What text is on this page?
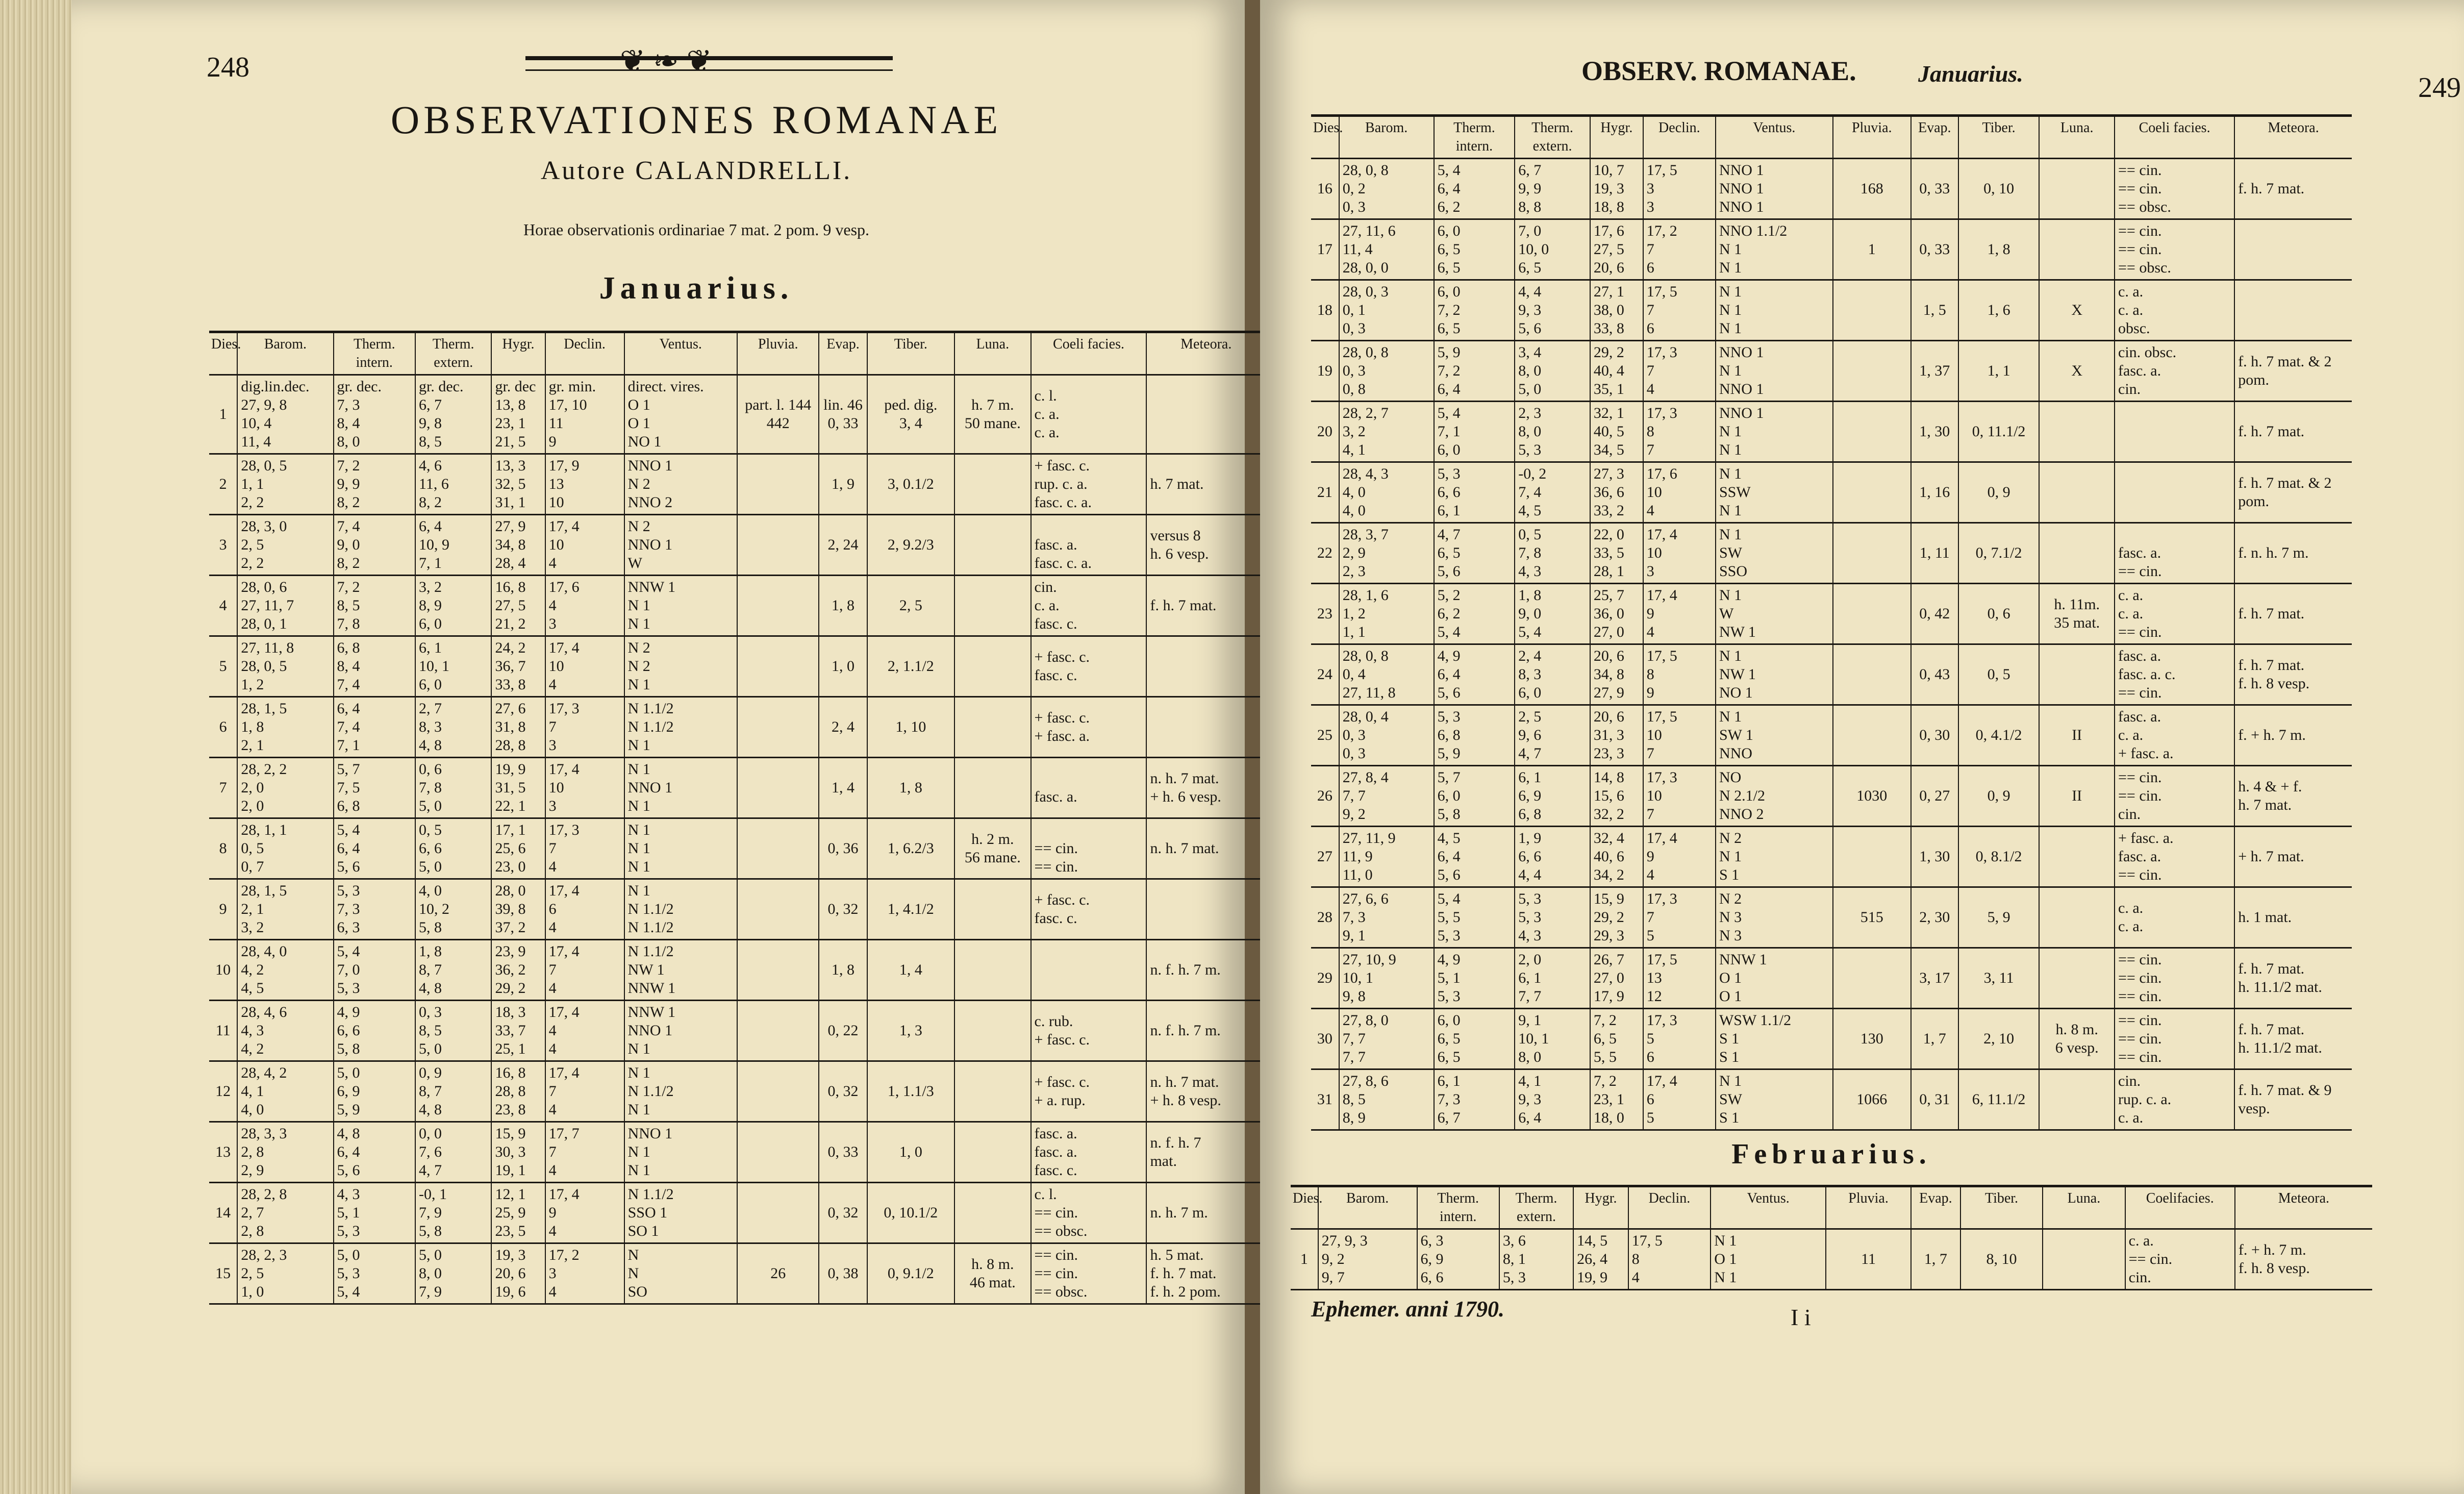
248	❦ ❧ ❦
OBSERVATIONES ROMANAE
Autore CALANDRELLI.
Horae observationis ordinariae 7 mat. 2 pom. 9 vesp.
Januarius.
Dies.	Barom.	Therm. intern.	Therm. extern.	Hygr.	Declin.	Ventus.	Pluvia.	Evap.	Tiber.	Luna.	Coeli facies.	Meteora.
1	dig.lin.dec.
27, 9, 8
10, 4
11, 4	gr. dec.
7, 3
8, 4
8, 0	gr. dec.
6, 7
9, 8
8, 5	gr. dec
13, 8
23, 1
21, 5	gr. min.
17, 10
11
9	direct. vires.
O 1
O 1
NO 1	part. l. 144
442	lin. 46
0, 33	ped. dig.
3, 4	h. 7 m.
50 mane.	c. l.
c. a.
c. a.	
2	28, 0, 5
1, 1
2, 2	7, 2
9, 9
8, 2	4, 6
11, 6
8, 2	13, 3
32, 5
31, 1	17, 9
13
10	NNO 1
N 2
NNO 2		1, 9	3, 0.1/2		+ fasc. c.
rup. c. a.
fasc. c. a.	h. 7 mat.
3	28, 3, 0
2, 5
2, 2	7, 4
9, 0
8, 2	6, 4
10, 9
7, 1	27, 9
34, 8
28, 4	17, 4
10
4	N 2
NNO 1
W		2, 24	2, 9.2/3		
fasc. a.
fasc. c. a.	versus 8
h. 6 vesp.
4	28, 0, 6
27, 11, 7
28, 0, 1	7, 2
8, 5
7, 8	3, 2
8, 9
6, 0	16, 8
27, 5
21, 2	17, 6
4
3	NNW 1
N 1
N 1		1, 8	2, 5		cin.
c. a.
fasc. c.	f. h. 7 mat.
5	27, 11, 8
28, 0, 5
1, 2	6, 8
8, 4
7, 4	6, 1
10, 1
6, 0	24, 2
36, 7
33, 8	17, 4
10
4	N 2
N 2
N 1		1, 0	2, 1.1/2		+ fasc. c.
fasc. c.	
6	28, 1, 5
1, 8
2, 1	6, 4
7, 4
7, 1	2, 7
8, 3
4, 8	27, 6
31, 8
28, 8	17, 3
7
3	N 1.1/2
N 1.1/2
N 1		2, 4	1, 10		+ fasc. c.
+ fasc. a.	
7	28, 2, 2
2, 0
2, 0	5, 7
7, 5
6, 8	0, 6
7, 8
5, 0	19, 9
31, 5
22, 1	17, 4
10
3	N 1
NNO 1
N 1		1, 4	1, 8		
fasc. a.	n. h. 7 mat.
+ h. 6 vesp.
8	28, 1, 1
0, 5
0, 7	5, 4
6, 4
5, 6	0, 5
6, 6
5, 0	17, 1
25, 6
23, 0	17, 3
7
4	N 1
N 1
N 1		0, 36	1, 6.2/3	h. 2 m.
56 mane.	
== cin.
== cin.	n. h. 7 mat.
9	28, 1, 5
2, 1
3, 2	5, 3
7, 3
6, 3	4, 0
10, 2
5, 8	28, 0
39, 8
37, 2	17, 4
6
4	N 1
N 1.1/2
N 1.1/2		0, 32	1, 4.1/2		+ fasc. c.
fasc. c.	
10	28, 4, 0
4, 2
4, 5	5, 4
7, 0
5, 3	1, 8
8, 7
4, 8	23, 9
36, 2
29, 2	17, 4
7
4	N 1.1/2
NW 1
NNW 1		1, 8	1, 4			n. f. h. 7 m.
11	28, 4, 6
4, 3
4, 2	4, 9
6, 6
5, 8	0, 3
8, 5
5, 0	18, 3
33, 7
25, 1	17, 4
4
4	NNW 1
NNO 1
N 1		0, 22	1, 3		c. rub.
+ fasc. c.	n. f. h. 7 m.
12	28, 4, 2
4, 1
4, 0	5, 0
6, 9
5, 9	0, 9
8, 7
4, 8	16, 8
28, 8
23, 8	17, 4
7
4	N 1
N 1.1/2
N 1		0, 32	1, 1.1/3		+ fasc. c.
+ a. rup.	n. h. 7 mat.
+ h. 8 vesp.
13	28, 3, 3
2, 8
2, 9	4, 8
6, 4
5, 6	0, 0
7, 6
4, 7	15, 9
30, 3
19, 1	17, 7
7
4	NNO 1
N 1
N 1		0, 33	1, 0		fasc. a.
fasc. a.
fasc. c.	n. f. h. 7
mat.
14	28, 2, 8
2, 7
2, 8	4, 3
5, 1
5, 3	-0, 1
7, 9
5, 8	12, 1
25, 9
23, 5	17, 4
9
4	N 1.1/2
SSO 1
SO 1		0, 32	0, 10.1/2		c. l.
== cin.
== obsc.	n. h. 7 m.
15	28, 2, 3
2, 5
1, 0	5, 0
5, 3
5, 4	5, 0
8, 0
7, 9	19, 3
20, 6
19, 6	17, 2
3
4	N
N
SO	26	0, 38	0, 9.1/2	h. 8 m.
46 mat.	== cin.
== cin.
== obsc.	h. 5 mat.
f. h. 7 mat.
f. h. 2 pom.
OBSERV. ROMANAE.	Januarius.	249
Dies.	Barom.	Therm. intern.	Therm. extern.	Hygr.	Declin.	Ventus.	Pluvia.	Evap.	Tiber.	Luna.	Coeli facies.	Meteora.
16	28, 0, 8
0, 2
0, 3	5, 4
6, 4
6, 2	6, 7
9, 9
8, 8	10, 7
19, 3
18, 8	17, 5
3
3	NNO 1
NNO 1
NNO 1	168	0, 33	0, 10		== cin.
== cin.
== obsc.	f. h. 7 mat.
17	27, 11, 6
11, 4
28, 0, 0	6, 0
6, 5
6, 5	7, 0
10, 0
6, 5	17, 6
27, 5
20, 6	17, 2
7
6	NNO 1.1/2
N 1
N 1	1	0, 33	1, 8		== cin.
== cin.
== obsc.	
18	28, 0, 3
0, 1
0, 3	6, 0
7, 2
6, 5	4, 4
9, 3
5, 6	27, 1
38, 0
33, 8	17, 5
7
6	N 1
N 1
N 1		1, 5	1, 6	X	c. a.
c. a.
obsc.	
19	28, 0, 8
0, 3
0, 8	5, 9
7, 2
6, 4	3, 4
8, 0
5, 0	29, 2
40, 4
35, 1	17, 3
7
4	NNO 1
N 1
NNO 1		1, 37	1, 1	X	cin. obsc.
fasc. a.
cin.	f. h. 7 mat. & 2
pom.
20	28, 2, 7
3, 2
4, 1	5, 4
7, 1
6, 0	2, 3
8, 0
5, 3	32, 1
40, 5
34, 5	17, 3
8
7	NNO 1
N 1
N 1		1, 30	0, 11.1/2			f. h. 7 mat.
21	28, 4, 3
4, 0
4, 0	5, 3
6, 6
6, 1	-0, 2
7, 4
4, 5	27, 3
36, 6
33, 2	17, 6
10
4	N 1
SSW
N 1		1, 16	0, 9			f. h. 7 mat. & 2
pom.
22	28, 3, 7
2, 9
2, 3	4, 7
6, 5
5, 6	0, 5
7, 8
4, 3	22, 0
33, 5
28, 1	17, 4
10
3	N 1
SW
SSO		1, 11	0, 7.1/2		
fasc. a.
== cin.	f. n. h. 7 m.
23	28, 1, 6
1, 2
1, 1	5, 2
6, 2
5, 4	1, 8
9, 0
5, 4	25, 7
36, 0
27, 0	17, 4
9
4	N 1
W
NW 1		0, 42	0, 6	h. 11m.
35 mat.	c. a.
c. a.
== cin.	f. h. 7 mat.
24	28, 0, 8
0, 4
27, 11, 8	4, 9
6, 4
5, 6	2, 4
8, 3
6, 0	20, 6
34, 8
27, 9	17, 5
8
9	N 1
NW 1
NO 1		0, 43	0, 5		fasc. a.
fasc. a. c.
== cin.	f. h. 7 mat.
f. h. 8 vesp.
25	28, 0, 4
0, 3
0, 3	5, 3
6, 8
5, 9	2, 5
9, 6
4, 7	20, 6
31, 3
23, 3	17, 5
10
7	N 1
SW 1
NNO		0, 30	0, 4.1/2	II	fasc. a.
c. a.
+ fasc. a.	f. + h. 7 m.
26	27, 8, 4
7, 7
9, 2	5, 7
6, 0
5, 8	6, 1
6, 9
6, 8	14, 8
15, 6
32, 2	17, 3
10
7	NO
N 2.1/2
NNO 2	1030	0, 27	0, 9	II	== cin.
== cin.
cin.	h. 4 & + f.
h. 7 mat.
27	27, 11, 9
11, 9
11, 0	4, 5
6, 4
5, 6	1, 9
6, 6
4, 4	32, 4
40, 6
34, 2	17, 4
9
4	N 2
N 1
S 1		1, 30	0, 8.1/2		+ fasc. a.
fasc. a.
== cin.	+ h. 7 mat.
28	27, 6, 6
7, 3
9, 1	5, 4
5, 5
5, 3	5, 3
5, 3
4, 3	15, 9
29, 2
29, 3	17, 3
7
5	N 2
N 3
N 3	515	2, 30	5, 9		c. a.
c. a.	h. 1 mat.
29	27, 10, 9
10, 1
9, 8	4, 9
5, 1
5, 3	2, 0
6, 1
7, 7	26, 7
27, 0
17, 9	17, 5
13
12	NNW 1
O 1
O 1		3, 17	3, 11		== cin.
== cin.
== cin.	f. h. 7 mat.
h. 11.1/2 mat.
30	27, 8, 0
7, 7
7, 7	6, 0
6, 5
6, 5	9, 1
10, 1
8, 0	7, 2
6, 5
5, 5	17, 3
5
6	WSW 1.1/2
S 1
S 1	130	1, 7	2, 10	h. 8 m.
6 vesp.	== cin.
== cin.
== cin.	f. h. 7 mat.
h. 11.1/2 mat.
31	27, 8, 6
8, 5
8, 9	6, 1
7, 3
6, 7	4, 1
9, 3
6, 4	7, 2
23, 1
18, 0	17, 4
6
5	N 1
SW
S 1	1066	0, 31	6, 11.1/2		cin.
rup. c. a.
c. a.	f. h. 7 mat. & 9
vesp.
Februarius.
Dies.	Barom.	Therm. intern.	Therm. extern.	Hygr.	Declin.	Ventus.	Pluvia.	Evap.	Tiber.	Luna.	Coelifacies.	Meteora.
1	27, 9, 3
9, 2
9, 7	6, 3
6, 9
6, 6	3, 6
8, 1
5, 3	14, 5
26, 4
19, 9	17, 5
8
4	N 1
O 1
N 1	11	1, 7	8, 10		c. a.
== cin.
cin.	f. + h. 7 m.
f. h. 8 vesp.
Ephemer. anni 1790.	I i
